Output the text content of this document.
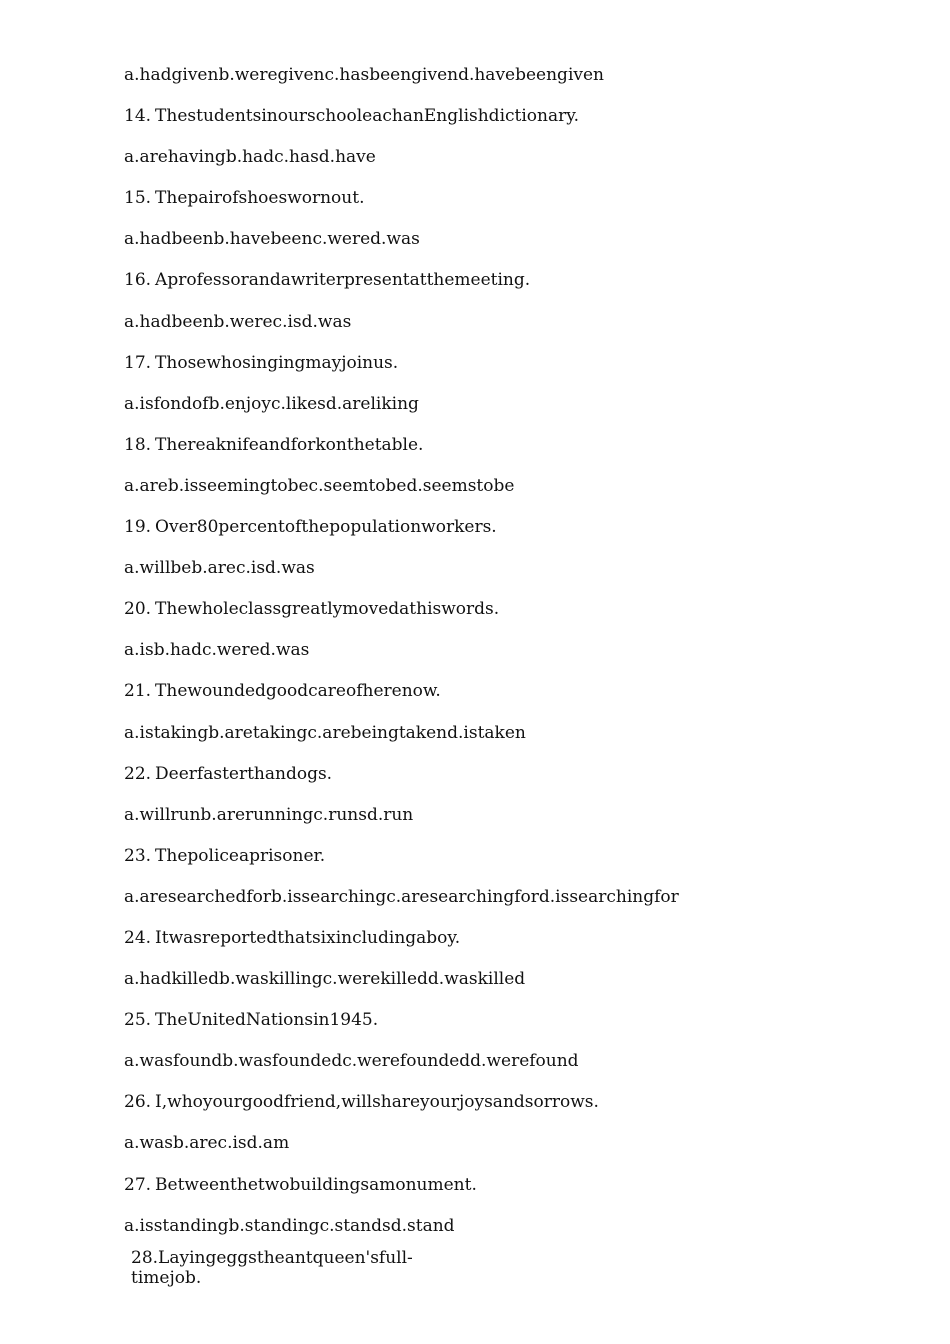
a.hadgivenb.weregivenc.hasbeengivend.havebeengiven
14. ThestudentsinourschooleachanEnglishdictionary.
a.arehavingb.hadc.hasd.have
15. Thepairofshoeswornout.
a.hadbeenb.havebeenc.wered.was
16. Aprofessorandawriterpresentatthemeeting.
a.hadbeenb.werec.isd.was
17. Thosewhosingingmayjoinus.
a.isfondofb.enjoyc.likesd.areliking
18. Thereaknifeandforkonthetable.
a.areb.isseemingtobec.seemtobed.seemstobe
19. Over80percentofthepopulationworkers.
a.willbeb.arec.isd.was
20. Thewholeclassgreatlymovedathiswords.
a.isb.hadc.wered.was
21. Thewoundedgoodcareofherenow.
a.istakingb.aretakingc.arebeingtakend.istaken
22. Deerfasterthandogs.
a.willrunb.arerunningc.runsd.run
23. Thepoliceaprisoner.
a.aresearchedforb.issearchingc.aresearchingford.issearchingfor
24. Itwasreportedthatsixincludingaboy.
a.hadkilledb.waskillingc.werekilledd.waskilled
25. TheUnitedNationsin1945.
a.wasfoundb.wasfoundedc.werefoundedd.werefound
26. I,whoyourgoodfriend,willshareyourjoysandsorrows.
a.wasb.arec.isd.am
27. Betweenthetwobuildingsamonument.
a.isstandingb.standingc.standsd.stand
28.Layingeggstheantqueen'sfull-
timejob.
